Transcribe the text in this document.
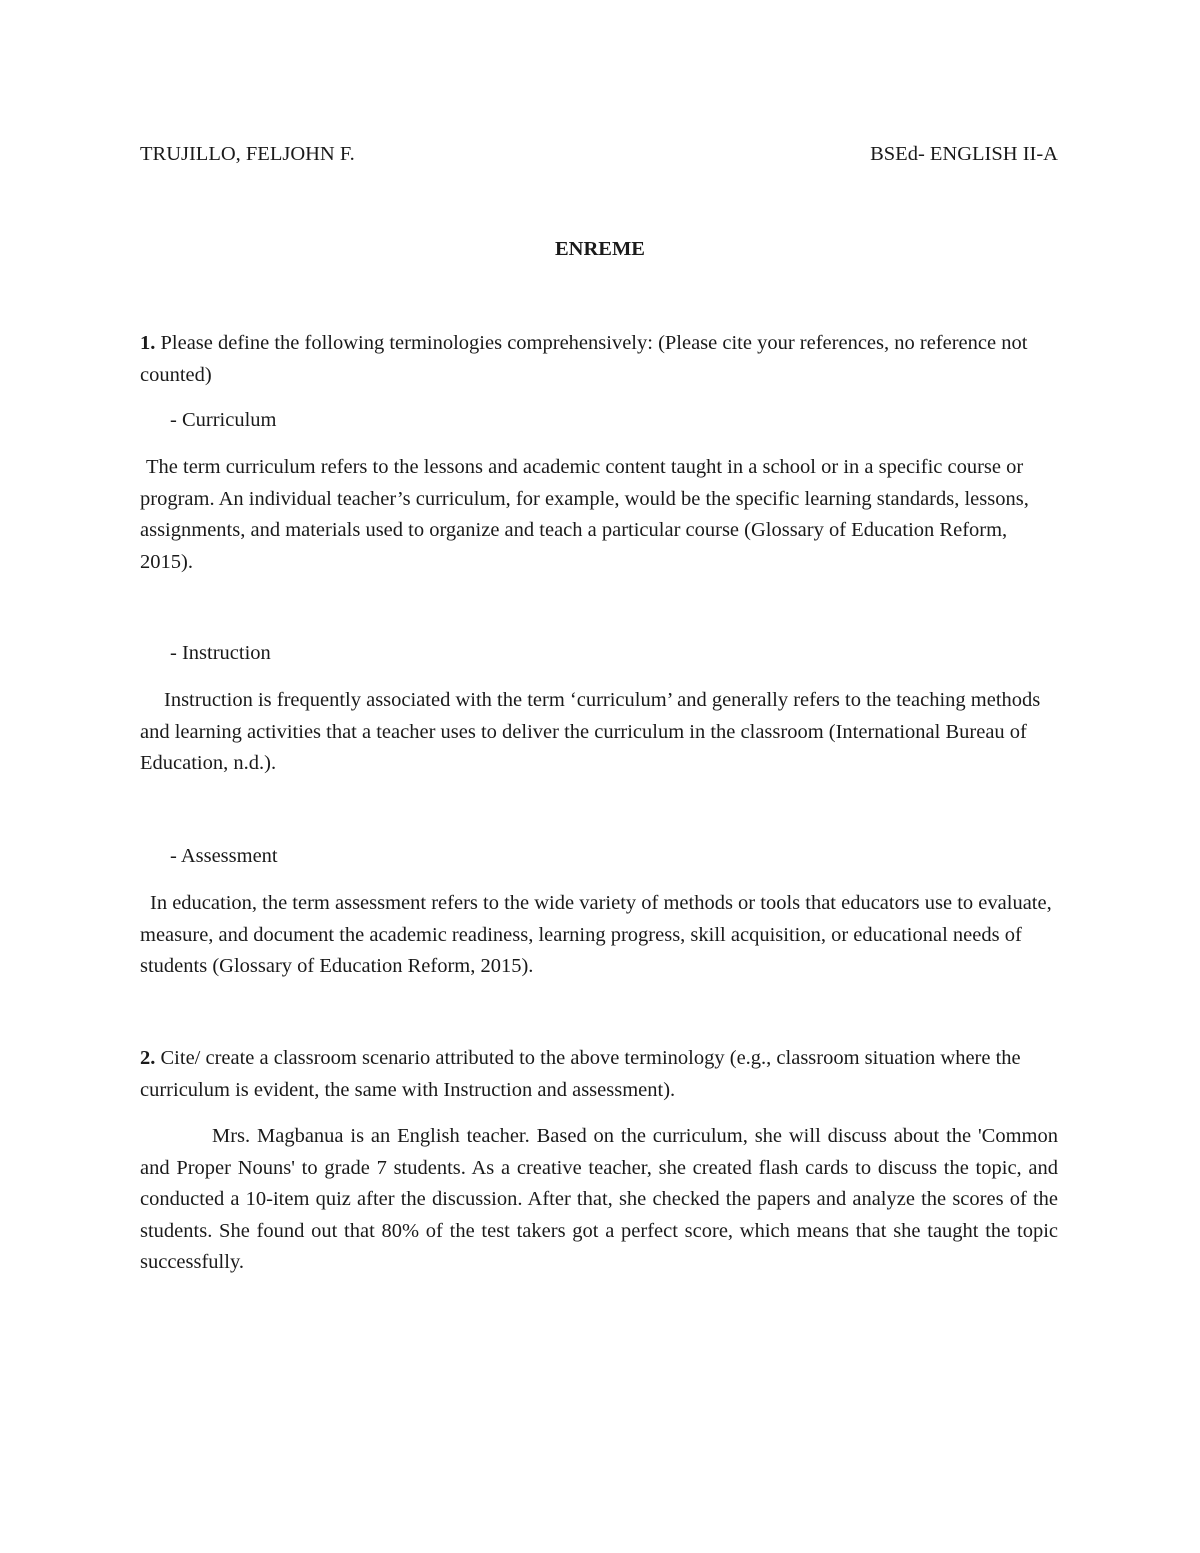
TRUJILLO, FELJOHN F.	BSEd- ENGLISH II-A
ENREME
1. Please define the following terminologies comprehensively: (Please cite your references, no reference not counted)
- Curriculum
The term curriculum refers to the lessons and academic content taught in a school or in a specific course or program. An individual teacher’s curriculum, for example, would be the specific learning standards, lessons, assignments, and materials used to organize and teach a particular course (Glossary of Education Reform, 2015).
- Instruction
Instruction is frequently associated with the term ‘curriculum’ and generally refers to the teaching methods and learning activities that a teacher uses to deliver the curriculum in the classroom (International Bureau of Education, n.d.).
- Assessment
In education, the term assessment refers to the wide variety of methods or tools that educators use to evaluate, measure, and document the academic readiness, learning progress, skill acquisition, or educational needs of students (Glossary of Education Reform, 2015).
2. Cite/ create a classroom scenario attributed to the above terminology (e.g., classroom situation where the curriculum is evident, the same with Instruction and assessment).
Mrs. Magbanua is an English teacher. Based on the curriculum, she will discuss about the 'Common and Proper Nouns' to grade 7 students. As a creative teacher, she created flash cards to discuss the topic, and conducted a 10-item quiz after the discussion. After that, she checked the papers and analyze the scores of the students. She found out that 80% of the test takers got a perfect score, which means that she taught the topic successfully.
